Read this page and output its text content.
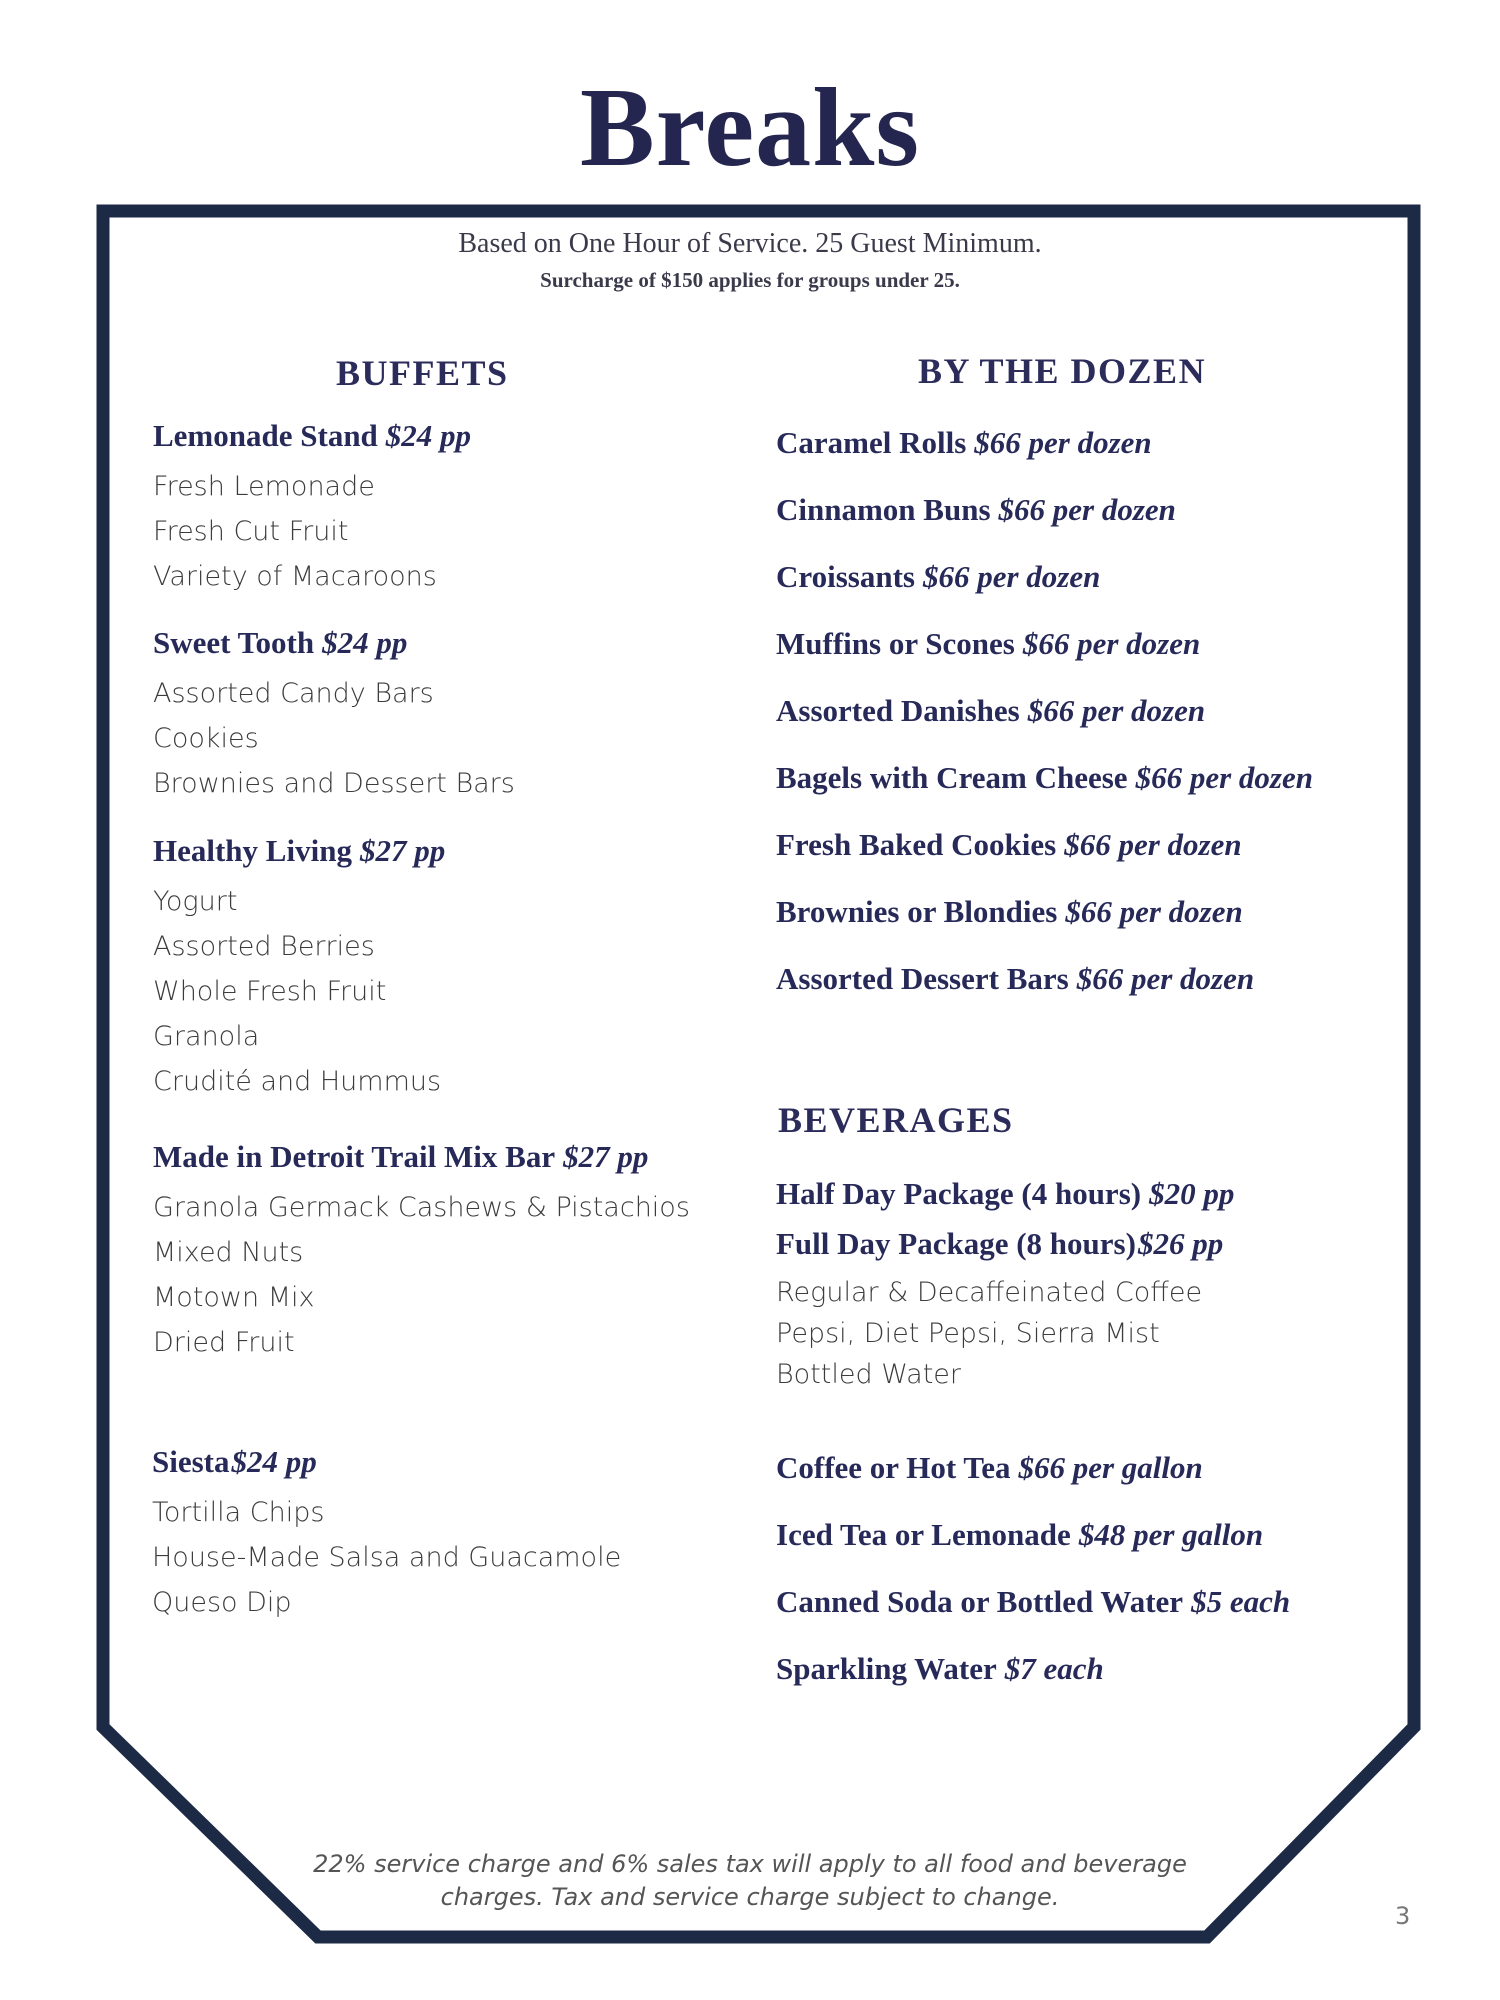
Breaks
Based on One Hour of Service. 25 Guest Minimum.
Surcharge of $150 applies for groups under 25.
BUFFETS
Lemonade Stand $24 pp
Fresh Lemonade
Fresh Cut Fruit
Variety of Macaroons
Sweet Tooth $24 pp
Assorted Candy Bars
Cookies
Brownies and Dessert Bars
Healthy Living $27 pp
Yogurt
Assorted Berries
Whole Fresh Fruit
Granola
Crudité and Hummus
Made in Detroit Trail Mix Bar $27 pp
Granola Germack Cashews & Pistachios
Mixed Nuts
Motown Mix
Dried Fruit
Siesta$24 pp
Tortilla Chips
House-Made Salsa and Guacamole
Queso Dip
BY THE DOZEN
Caramel Rolls $66 per dozen
Cinnamon Buns $66 per dozen
Croissants $66 per dozen
Muffins or Scones $66 per dozen
Assorted Danishes $66 per dozen
Bagels with Cream Cheese $66 per dozen
Fresh Baked Cookies $66 per dozen
Brownies or Blondies $66 per dozen
Assorted Dessert Bars $66 per dozen
BEVERAGES
Half Day Package (4 hours) $20 pp
Full Day Package (8 hours)$26 pp
Regular & Decaffeinated Coffee
Pepsi, Diet Pepsi, Sierra Mist
Bottled Water
Coffee or Hot Tea $66 per gallon
Iced Tea or Lemonade $48 per gallon
Canned Soda or Bottled Water $5 each
Sparkling Water $7 each
22% service charge and 6% sales tax will apply to all food and beverage
charges. Tax and service charge subject to change.
3
